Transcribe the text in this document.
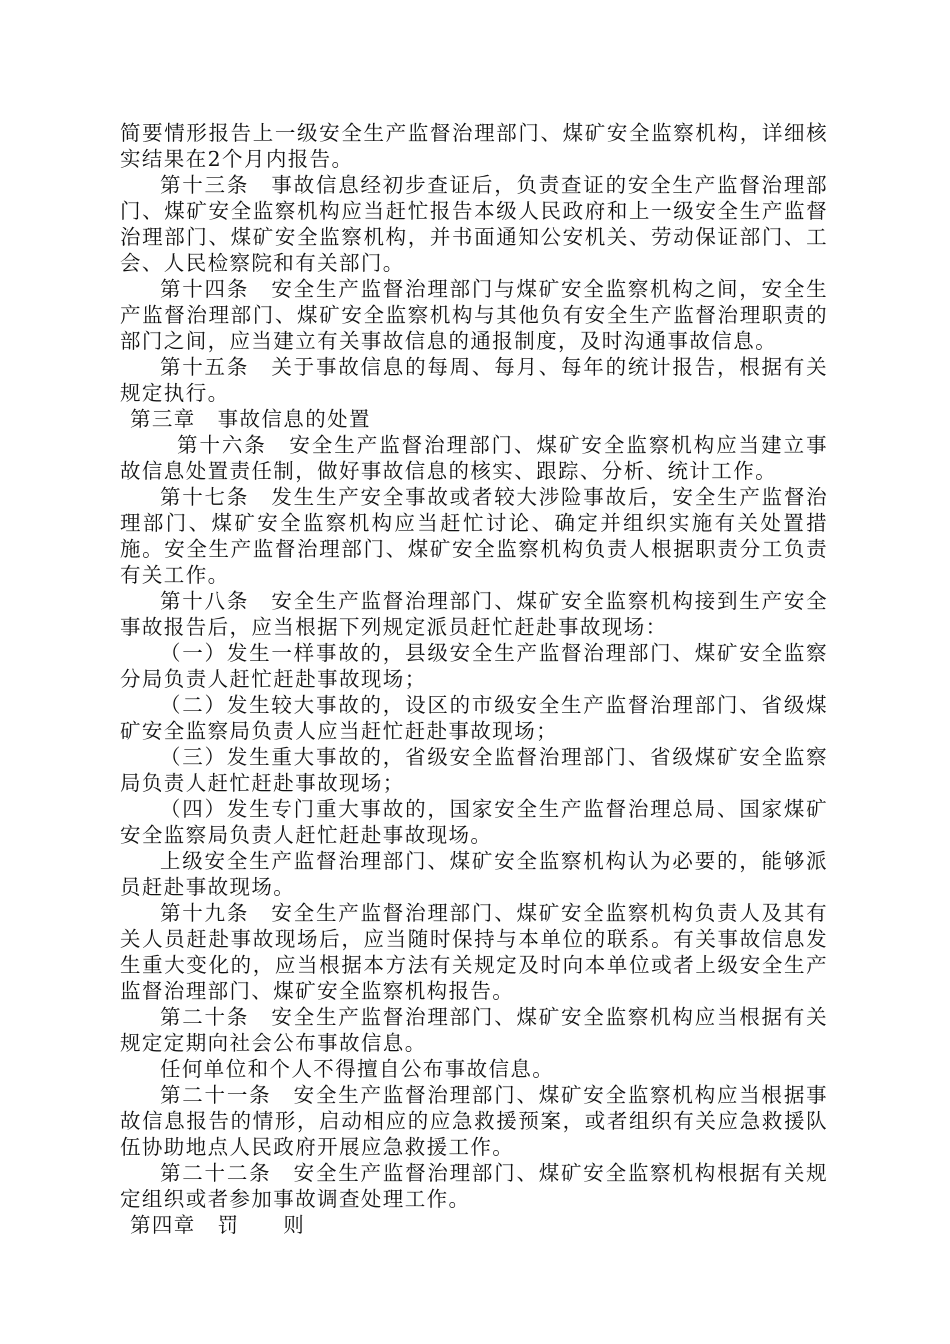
简要情形报告上一级安全生产监督治理部门、煤矿安全监察机构，详细核实结果在2个月内报告。

第十三条　事故信息经初步查证后，负责查证的安全生产监督治理部门、煤矿安全监察机构应当赶忙报告本级人民政府和上一级安全生产监督治理部门、煤矿安全监察机构，并书面通知公安机关、劳动保证部门、工会、人民检察院和有关部门。

第十四条　安全生产监督治理部门与煤矿安全监察机构之间，安全生产监督治理部门、煤矿安全监察机构与其他负有安全生产监督治理职责的部门之间，应当建立有关事故信息的通报制度，及时沟通事故信息。

第十五条　关于事故信息的每周、每月、每年的统计报告，根据有关规定执行。

第三章　事故信息的处置

第十六条　安全生产监督治理部门、煤矿安全监察机构应当建立事故信息处置责任制，做好事故信息的核实、跟踪、分析、统计工作。

第十七条　发生生产安全事故或者较大涉险事故后，安全生产监督治理部门、煤矿安全监察机构应当赶忙讨论、确定并组织实施有关处置措施。安全生产监督治理部门、煤矿安全监察机构负责人根据职责分工负责有关工作。

第十八条　安全生产监督治理部门、煤矿安全监察机构接到生产安全事故报告后，应当根据下列规定派员赶忙赶赴事故现场：

（一）发生一样事故的，县级安全生产监督治理部门、煤矿安全监察分局负责人赶忙赶赴事故现场；

（二）发生较大事故的，设区的市级安全生产监督治理部门、省级煤矿安全监察局负责人应当赶忙赶赴事故现场；

（三）发生重大事故的，省级安全监督治理部门、省级煤矿安全监察局负责人赶忙赶赴事故现场；

（四）发生专门重大事故的，国家安全生产监督治理总局、国家煤矿安全监察局负责人赶忙赶赴事故现场。

上级安全生产监督治理部门、煤矿安全监察机构认为必要的，能够派员赶赴事故现场。

第十九条　安全生产监督治理部门、煤矿安全监察机构负责人及其有关人员赶赴事故现场后，应当随时保持与本单位的联系。有关事故信息发生重大变化的，应当根据本方法有关规定及时向本单位或者上级安全生产监督治理部门、煤矿安全监察机构报告。

第二十条　安全生产监督治理部门、煤矿安全监察机构应当根据有关规定定期向社会公布事故信息。

任何单位和个人不得擅自公布事故信息。

第二十一条　安全生产监督治理部门、煤矿安全监察机构应当根据事故信息报告的情形，启动相应的应急救援预案，或者组织有关应急救援队伍协助地点人民政府开展应急救援工作。

第二十二条　安全生产监督治理部门、煤矿安全监察机构根据有关规定组织或者参加事故调查处理工作。

第四章　罚　　则
